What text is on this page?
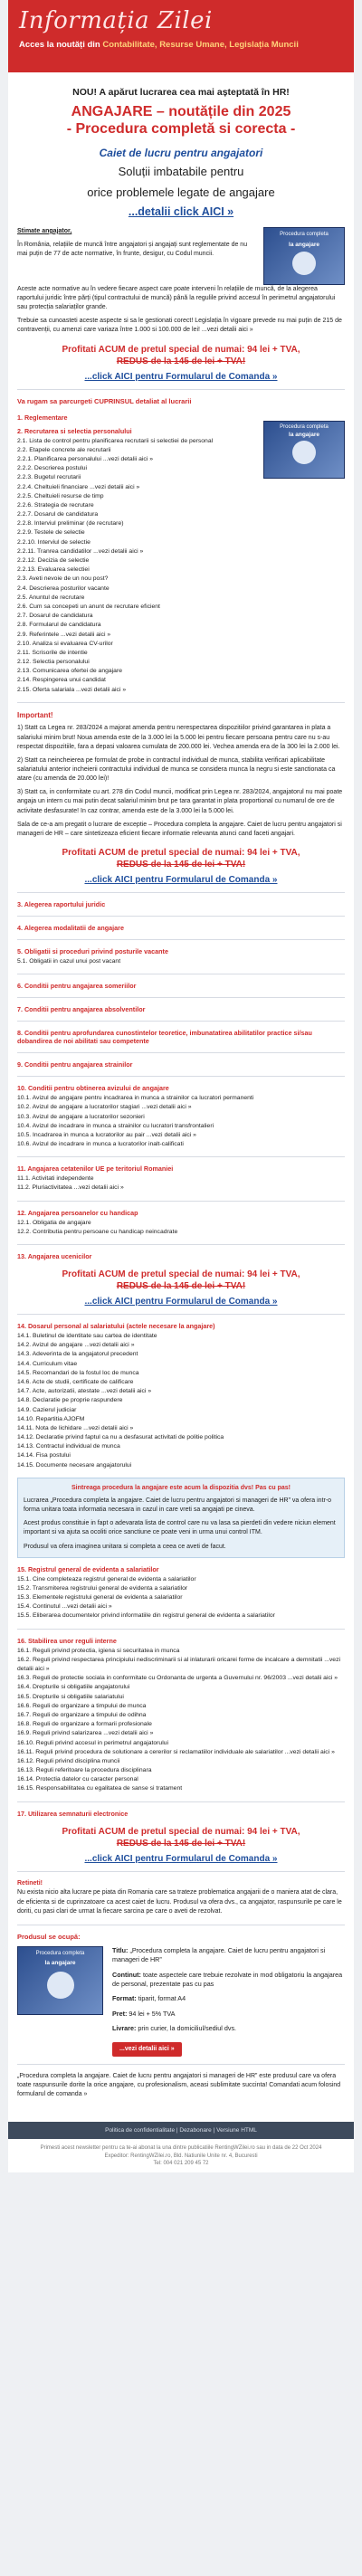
Informația Zilei
Acces la noutăți din Contabilitate, Resurse Umane, Legislația Muncii
NOU! A apărut lucrarea cea mai așteptată în HR!
ANGAJARE – noutățile din 2025
- Procedura completă si corecta -
Caiet de lucru pentru angajatori
Soluții imbatabile pentru
orice problemele legate de angajare
...detalii click AICI »

Stimate angajator,

În România, relațiile de muncă între angajatori și angajați sunt reglementate de nu mai puțin de 77 de acte normative, în frunte, desigur, cu Codul muncii.

Procedura completa
la angajare

Aceste acte normative au în vedere fiecare aspect care poate interveni în relațiile de muncă, de la alegerea raportului juridic între părți (tipul contractului de muncă) până la regulile privind accesul în perimetrul angajatorului sau protecția salariaților grande.

Trebuie sa cunoasteti aceste aspecte si sa le gestionati corect! Legislația în vigoare prevede nu mai puțin de 215 de contravenții, cu amenzi care variaza între 1.000 si 100.000 de lei! ...vezi detalii aici »

Profitati ACUM de pretul special de numai: 94 lei + TVA,
REDUS de la 145 de lei + TVA!
...click AICI pentru Formularul de Comanda »
Va rugam sa parcurgeti CUPRINSUL detaliat al lucrarii
1. Reglementare
2. Recrutarea si selectia personalului
2.1. Lista de control pentru planificarea recrutarii si selectiei de personal
2.2. Etapele concrete ale recrutarii
2.2.1. Planificarea personalului ...vezi detalii aici »
2.2.2. Descrierea postului
2.2.3. Bugetul recrutarii
2.2.4. Cheltuieli financiare ...vezi detalii aici »
2.2.5. Cheltuieli resurse de timp
2.2.6. Strategia de recrutare
2.2.7. Dosarul de candidatura
2.2.8. Interviul preliminar (de recrutare)
2.2.9. Testele de selectie
2.2.10. Interviul de selectie
2.2.11. Tranrea candidatilor ...vezi detalii aici »
2.2.12. Decizia de selectie
2.2.13. Evaluarea selectiei
2.3. Aveti nevoie de un nou post?
2.4. Descrierea posturilor vacante
2.5. Anuntul de recrutare
2.6. Cum sa concepeti un anunt de recrutare eficient
2.7. Dosarul de candidatura
2.8. Formularul de candidatura
2.9. Referintele ...vezi detalii aici »
2.10. Analiza si evaluarea CV-urilor
2.11. Scrisorile de intentie
2.12. Selectia personalului
2.13. Comunicarea ofertei de angajare
2.14. Respingerea unui candidat
2.15. Oferta salariala ...vezi detalii aici »
Procedura completa
la angajare
Important!

1) Statt ca Legea nr. 283/2024 a majorat amenda pentru nerespectarea dispozitiilor privind garantarea in plata a salariului minim brut! Noua amenda este de la 3.000 lei la 5.000 lei pentru fiecare persoana pentru care nu s-au respectat dispozitiile, fara a depasi valoarea cumulata de 200.000 lei. Vechea amenda era de la 300 lei la 2.000 lei.

2) Statt ca neincheierea pe formulat de probe in contractul individual de munca, stabilita verificari aplicabilitate salariatului anterior incheierii contractului individual de munca se considera munca la negru si este sanctionata ca atare (cu amenda de 20.000 lei)!

3) Statt ca, in conformitate cu art. 278 din Codul muncii, modificat prin Legea nr. 283/2024, angajatorul nu mai poate angaja un intern cu mai putin decat salariul minim brut pe tara garantat in plata proportional cu numarul de ore de activitate desfasurate! In caz contrar, amenda este de la 3.000 lei la 5.000 lei.

Sala de ce-a am pregatit o lucrare de exceptie – Procedura completa la angajare. Caiet de lucru pentru angajatori si manageri de HR – care sintetizeaza eficient fiecare informatie relevanta atunci cand faceti angajari.

Profitati ACUM de pretul special de numai: 94 lei + TVA,
REDUS de la 145 de lei + TVA!
...click AICI pentru Formularul de Comanda »
3. Alegerea raportului juridic
4. Alegerea modalitatii de angajare
5. Obligatii si proceduri privind posturile vacante
5.1. Obligatii in cazul unui post vacant
6. Conditii pentru angajarea someriilor
7. Conditii pentru angajarea absolventilor
8. Conditii pentru aprofundarea cunostintelor teoretice, imbunatatirea abilitatilor practice si/sau dobandirea de noi abilitati sau competente
9. Conditii pentru angajarea strainilor
10. Conditii pentru obtinerea avizului de angajare
10.1. Avizul de angajare pentru incadrarea in munca a strainilor ca lucratori permanenti
10.2. Avizul de angajare a lucratorilor stagiari ...vezi detalii aici »
10.3. Avizul de angajare a lucratorilor sezonieri
10.4. Avizul de incadrare in munca a strainilor cu lucratori transfrontalieri
10.5. Incadrarea in munca a lucratorilor au pair ...vezi detalii aici »
10.6. Avizul de incadrare in munca a lucratorilor inalt-calificati
11. Angajarea cetatenilor UE pe teritoriul Romaniei
11.1. Activitati independente
11.2. Pluriactivitatea ...vezi detalii aici »
12. Angajarea persoanelor cu handicap
12.1. Obligatia de angajare
12.2. Contributia pentru persoane cu handicap neincadrate
13. Angajarea ucenicilor
Profitati ACUM de pretul special de numai: 94 lei + TVA,
REDUS de la 145 de lei + TVA!
...click AICI pentru Formularul de Comanda »
14. Dosarul personal al salariatului (actele necesare la angajare)
14.1. Buletinul de identitate sau cartea de identitate
14.2. Avizul de angajare ...vezi detalii aici »
14.3. Adeverinta de la angajatorul precedent
14.4. Curriculum vitae
14.5. Recomandari de la fostul loc de munca
14.6. Acte de studii, certificate de calificare
14.7. Acte, autorizatii, atestate ...vezi detalii aici »
14.8. Declaratie pe proprie raspundere
14.9. Cazierul judiciar
14.10. Repartitia AJOFM
14.11. Nota de lichidare ...vezi detalii aici »
14.12. Declaratie privind faptul ca nu a desfasurat activitati de politie politica
14.13. Contractul individual de munca
14.14. Fisa postului
14.15. Documente necesare angajatorului
Sintreaga procedura la angajare este acum la dispozitia dvs! Pas cu pas!

Lucrarea „Procedura completa la angajare. Caiet de lucru pentru angajatori si manageri de HR” va ofera intr-o forma unitara toata informatia necesara in cazul in care vreti sa angajati pe cineva.

Acest produs constituie in fapt o adevarata lista de control care nu va lasa sa pierdeti din vedere niciun element important si va ajuta sa ocoliti orice sanctiune ce poate veni in urma unui control ITM.

Produsul va ofera imaginea unitara si completa a ceea ce aveti de facut.

15. Registrul general de evidenta a salariatilor
15.1. Cine completeaza registrul general de evidenta a salariatilor
15.2. Transmiterea registrului general de evidenta a salariatilor
15.3. Elementele registrului general de evidenta a salariatilor
15.4. Continutul ...vezi detalii aici »
15.5. Eliberarea documentelor privind informatiile din registrul general de evidenta a salariatilor
16. Stabilirea unor reguli interne
16.1. Reguli privind protectia, igiena si securitatea in munca
16.2. Reguli privind respectarea principiului nediscriminarii si al inlaturarii oricarei forme de incalcare a demnitatii ...vezi detalii aici »
16.3. Reguli de protectie sociala in conformitate cu Ordonanta de urgenta a Guvernului nr. 96/2003 ...vezi detalii aici »
16.4. Drepturile si obligatiile angajatorului
16.5. Drepturile si obligatiile salariatului
16.6. Reguli de organizare a timpului de munca
16.7. Reguli de organizare a timpului de odihna
16.8. Reguli de organizare a formarii profesionale
16.9. Reguli privind salarizarea ...vezi detalii aici »
16.10. Reguli privind accesul in perimetrul angajatorului
16.11. Reguli privind procedura de solutionare a cererilor si reclamatiilor individuale ale salariatilor ...vezi detalii aici »
16.12. Reguli privind disciplina muncii
16.13. Reguli referitoare la procedura disciplinara
16.14. Protectia datelor cu caracter personal
16.15. Responsabilitatea cu egalitatea de sanse si tratament
17. Utilizarea semnaturii electronice
Profitati ACUM de pretul special de numai: 94 lei + TVA,
REDUS de la 145 de lei + TVA!
...click AICI pentru Formularul de Comanda »
Retineti!
Nu exista nicio alta lucrare pe piata din Romania care sa trateze problematica angajarii de o maniera atat de clara, de eficienta si de cuprinzatoare ca acest caiet de lucru. Produsul va ofera dvs., ca angajator, raspunsurile pe care le doriti, cu pasi clari de urmat la fiecare sarcina pe care o aveti de rezolvat.
Produsul se ocupă:
Procedura completa
la angajare
Titlu: „Procedura completa la angajare. Caiet de lucru pentru angajatori si manageri de HR”
Continut: toate aspectele care trebuie rezolvate in mod obligatoriu la angajarea de personal, prezentate pas cu pas
Format: tiparit, format A4
Pret: 94 lei + 5% TVA
Livrare: prin curier, la domiciliul/sediul dvs.
...vezi detalii aici »

„Procedura completa la angajare. Caiet de lucru pentru angajatori si manageri de HR” este produsul care va ofera toate raspunsurile dorite la orice angajare, cu profesionalism, aceasi sublimitate succinta! Comandati acum folosind formularul de comanda »

Politica de confidentialitate | Dezabonare | Versiune HTML
Primesti acest newsletter pentru ca te-ai abonat la una dintre publicatiile RentingWZilei.ro sau in data de 22 Oct 2024
Expeditor: RentingWZilei.ro, Bld. Natiunile Unite nr. 4, Bucuresti
Tel: 004 021 209 45 72
